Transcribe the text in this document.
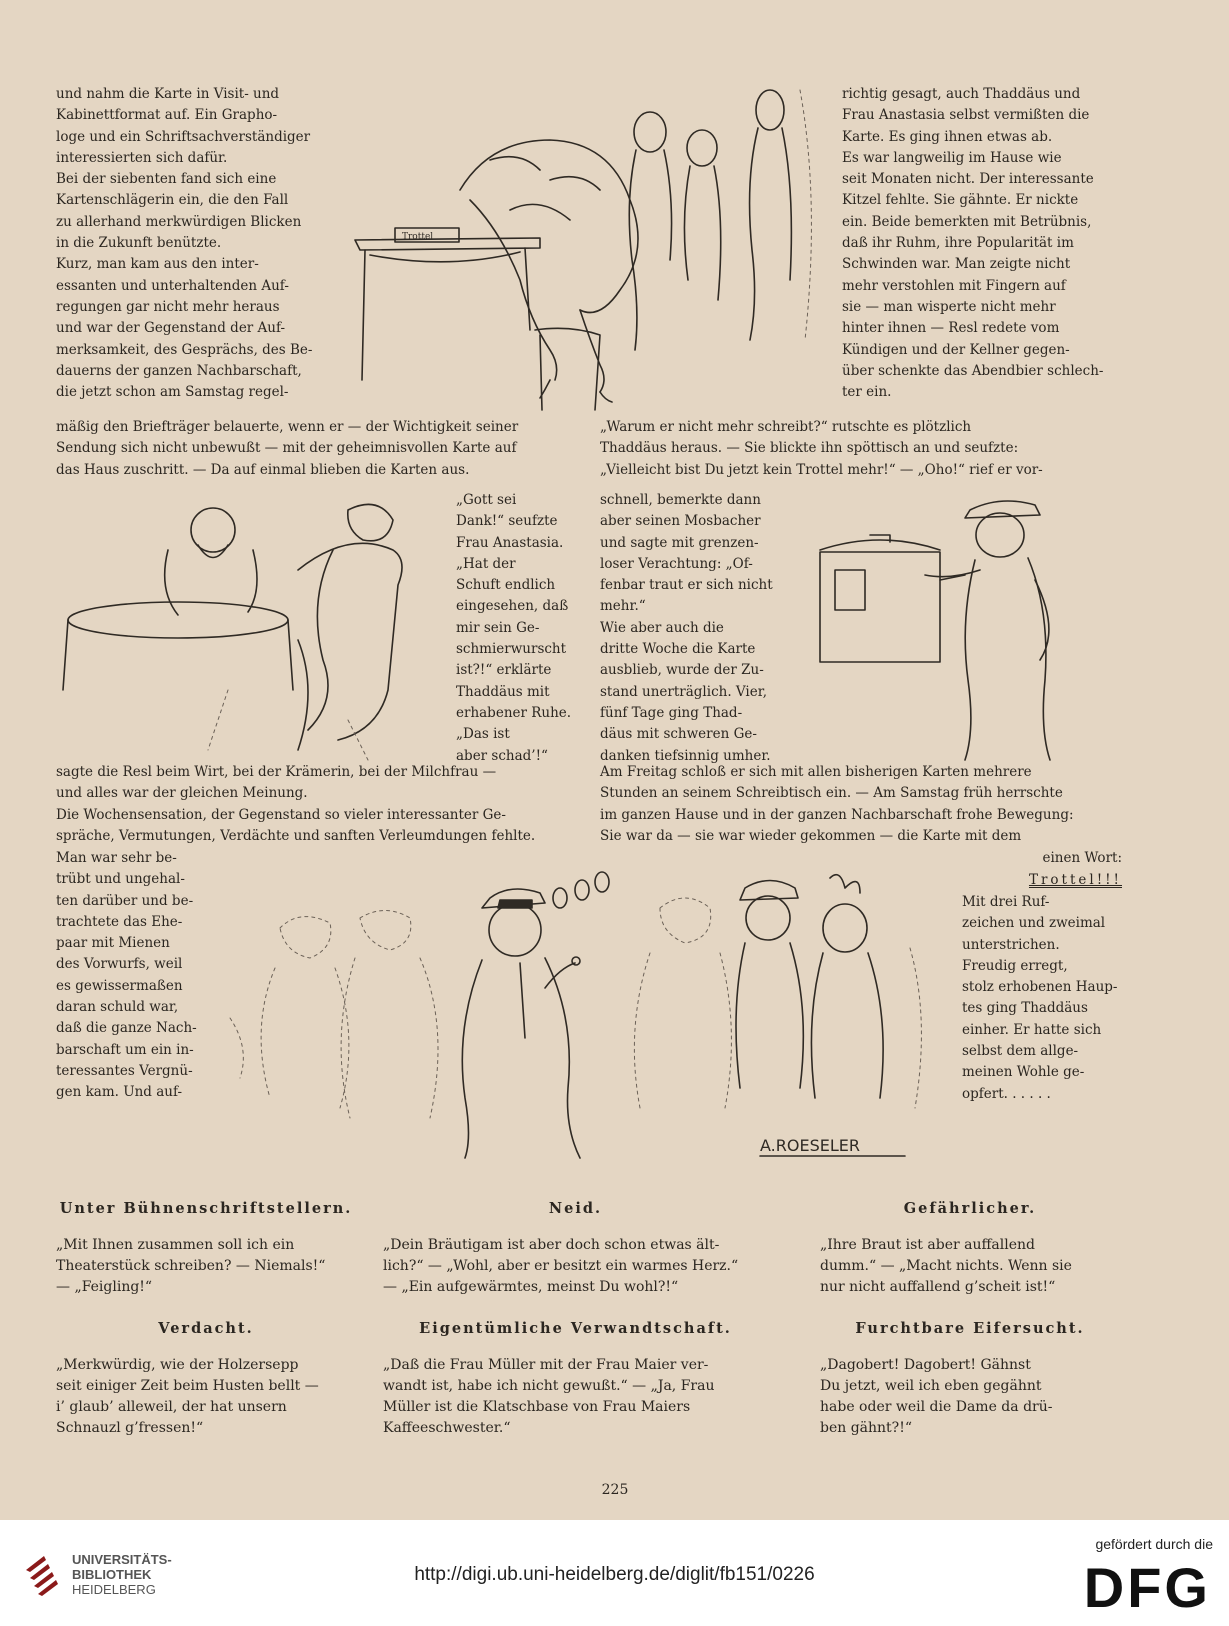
und nahm die Karte in Visit- und
Kabinettformat auf. Ein Grapho-
loge und ein Schriftsachverständiger
interessierten sich dafür.
Bei der siebenten fand sich eine
Kartenschlägerin ein, die den Fall
zu allerhand merkwürdigen Blicken
in die Zukunft benützte.
Kurz, man kam aus den inter-
essanten und unterhaltenden Auf-
regungen gar nicht mehr heraus
und war der Gegenstand der Auf-
merksamkeit, des Gesprächs, des Be-
dauerns der ganzen Nachbarschaft,
die jetzt schon am Samstag regel-
richtig gesagt, auch Thaddäus und
Frau Anastasia selbst vermißten die
Karte. Es ging ihnen etwas ab.
Es war langweilig im Hause wie
seit Monaten nicht. Der interessante
Kitzel fehlte. Sie gähnte. Er nickte
ein. Beide bemerkten mit Betrübnis,
daß ihr Ruhm, ihre Popularität im
Schwinden war. Man zeigte nicht
mehr verstohlen mit Fingern auf
sie — man wisperte nicht mehr
hinter ihnen — Resl redete vom
Kündigen und der Kellner gegen-
über schenkte das Abendbier schlech-
ter ein.
Trottel
mäßig den Briefträger belauerte, wenn er — der Wichtigkeit seiner
Sendung sich nicht unbewußt — mit der geheimnisvollen Karte auf
das Haus zuschritt. — Da auf einmal blieben die Karten aus.
„Warum er nicht mehr schreibt?“ rutschte es plötzlich
Thaddäus heraus. — Sie blickte ihn spöttisch an und seufzte:
„Vielleicht bist Du jetzt kein Trottel mehr!“ — „Oho!“ rief er vor-
„Gott sei
Dank!“ seufzte
Frau Anastasia.
„Hat der
Schuft endlich
eingesehen, daß
mir sein Ge-
schmierwurscht
ist?!“ erklärte
Thaddäus mit
erhabener Ruhe.
„Das ist
aber schad’!“
schnell, bemerkte dann
aber seinen Mosbacher
und sagte mit grenzen-
loser Verachtung: „Of-
fenbar traut er sich nicht
mehr.“
Wie aber auch die
dritte Woche die Karte
ausblieb, wurde der Zu-
stand unerträglich. Vier,
fünf Tage ging Thad-
däus mit schweren Ge-
danken tiefsinnig umher.
sagte die Resl beim Wirt, bei der Krämerin, bei der Milchfrau —
und alles war der gleichen Meinung.
Die Wochensensation, der Gegenstand so vieler interessanter Ge-
spräche, Vermutungen, Verdächte und sanften Verleumdungen fehlte.
Am Freitag schloß er sich mit allen bisherigen Karten mehrere
Stunden an seinem Schreibtisch ein. — Am Samstag früh herrschte
im ganzen Hause und in der ganzen Nachbarschaft frohe Bewegung:
Sie war da — sie war wieder gekommen — die Karte mit dem
Man war sehr be-
trübt und ungehal-
ten darüber und be-
trachtete das Ehe-
paar mit Mienen
des Vorwurfs, weil
es gewissermaßen
daran schuld war,
daß die ganze Nach-
barschaft um ein in-
teressantes Vergnü-
gen kam. Und auf-
A.ROESELER
einen Wort:
Trottel!!!
Mit drei Ruf-
zeichen und zweimal
unterstrichen.
Freudig erregt,
stolz erhobenen Haup-
tes ging Thaddäus
einher. Er hatte sich
selbst dem allge-
meinen Wohle ge-
opfert. . . . . .
Unter Bühnenschriftstellern.
„Mit Ihnen zusammen soll ich ein
Theaterstück schreiben? — Niemals!“
— „Feigling!“
Neid.
„Dein Bräutigam ist aber doch schon etwas ält-
lich?“ — „Wohl, aber er besitzt ein warmes Herz.“
— „Ein aufgewärmtes, meinst Du wohl?!“
Gefährlicher.
„Ihre Braut ist aber auffallend
dumm.“ — „Macht nichts. Wenn sie
nur nicht auffallend g’scheit ist!“
Verdacht.
„Merkwürdig, wie der Holzersepp
seit einiger Zeit beim Husten bellt —
i’ glaub’ alleweil, der hat unsern
Schnauzl g’fressen!“
Eigentümliche Verwandtschaft.
„Daß die Frau Müller mit der Frau Maier ver-
wandt ist, habe ich nicht gewußt.“ — „Ja, Frau
Müller ist die Klatschbase von Frau Maiers
Kaffeeschwester.“
Furchtbare Eifersucht.
„Dagobert! Dagobert! Gähnst
Du jetzt, weil ich eben gegähnt
habe oder weil die Dame da drü-
ben gähnt?!“
225
UNIVERSITÄTS-
BIBLIOTHEK
HEIDELBERG
http://digi.ub.uni-heidelberg.de/diglit/fb151/0226
gefördert durch die
DFG
